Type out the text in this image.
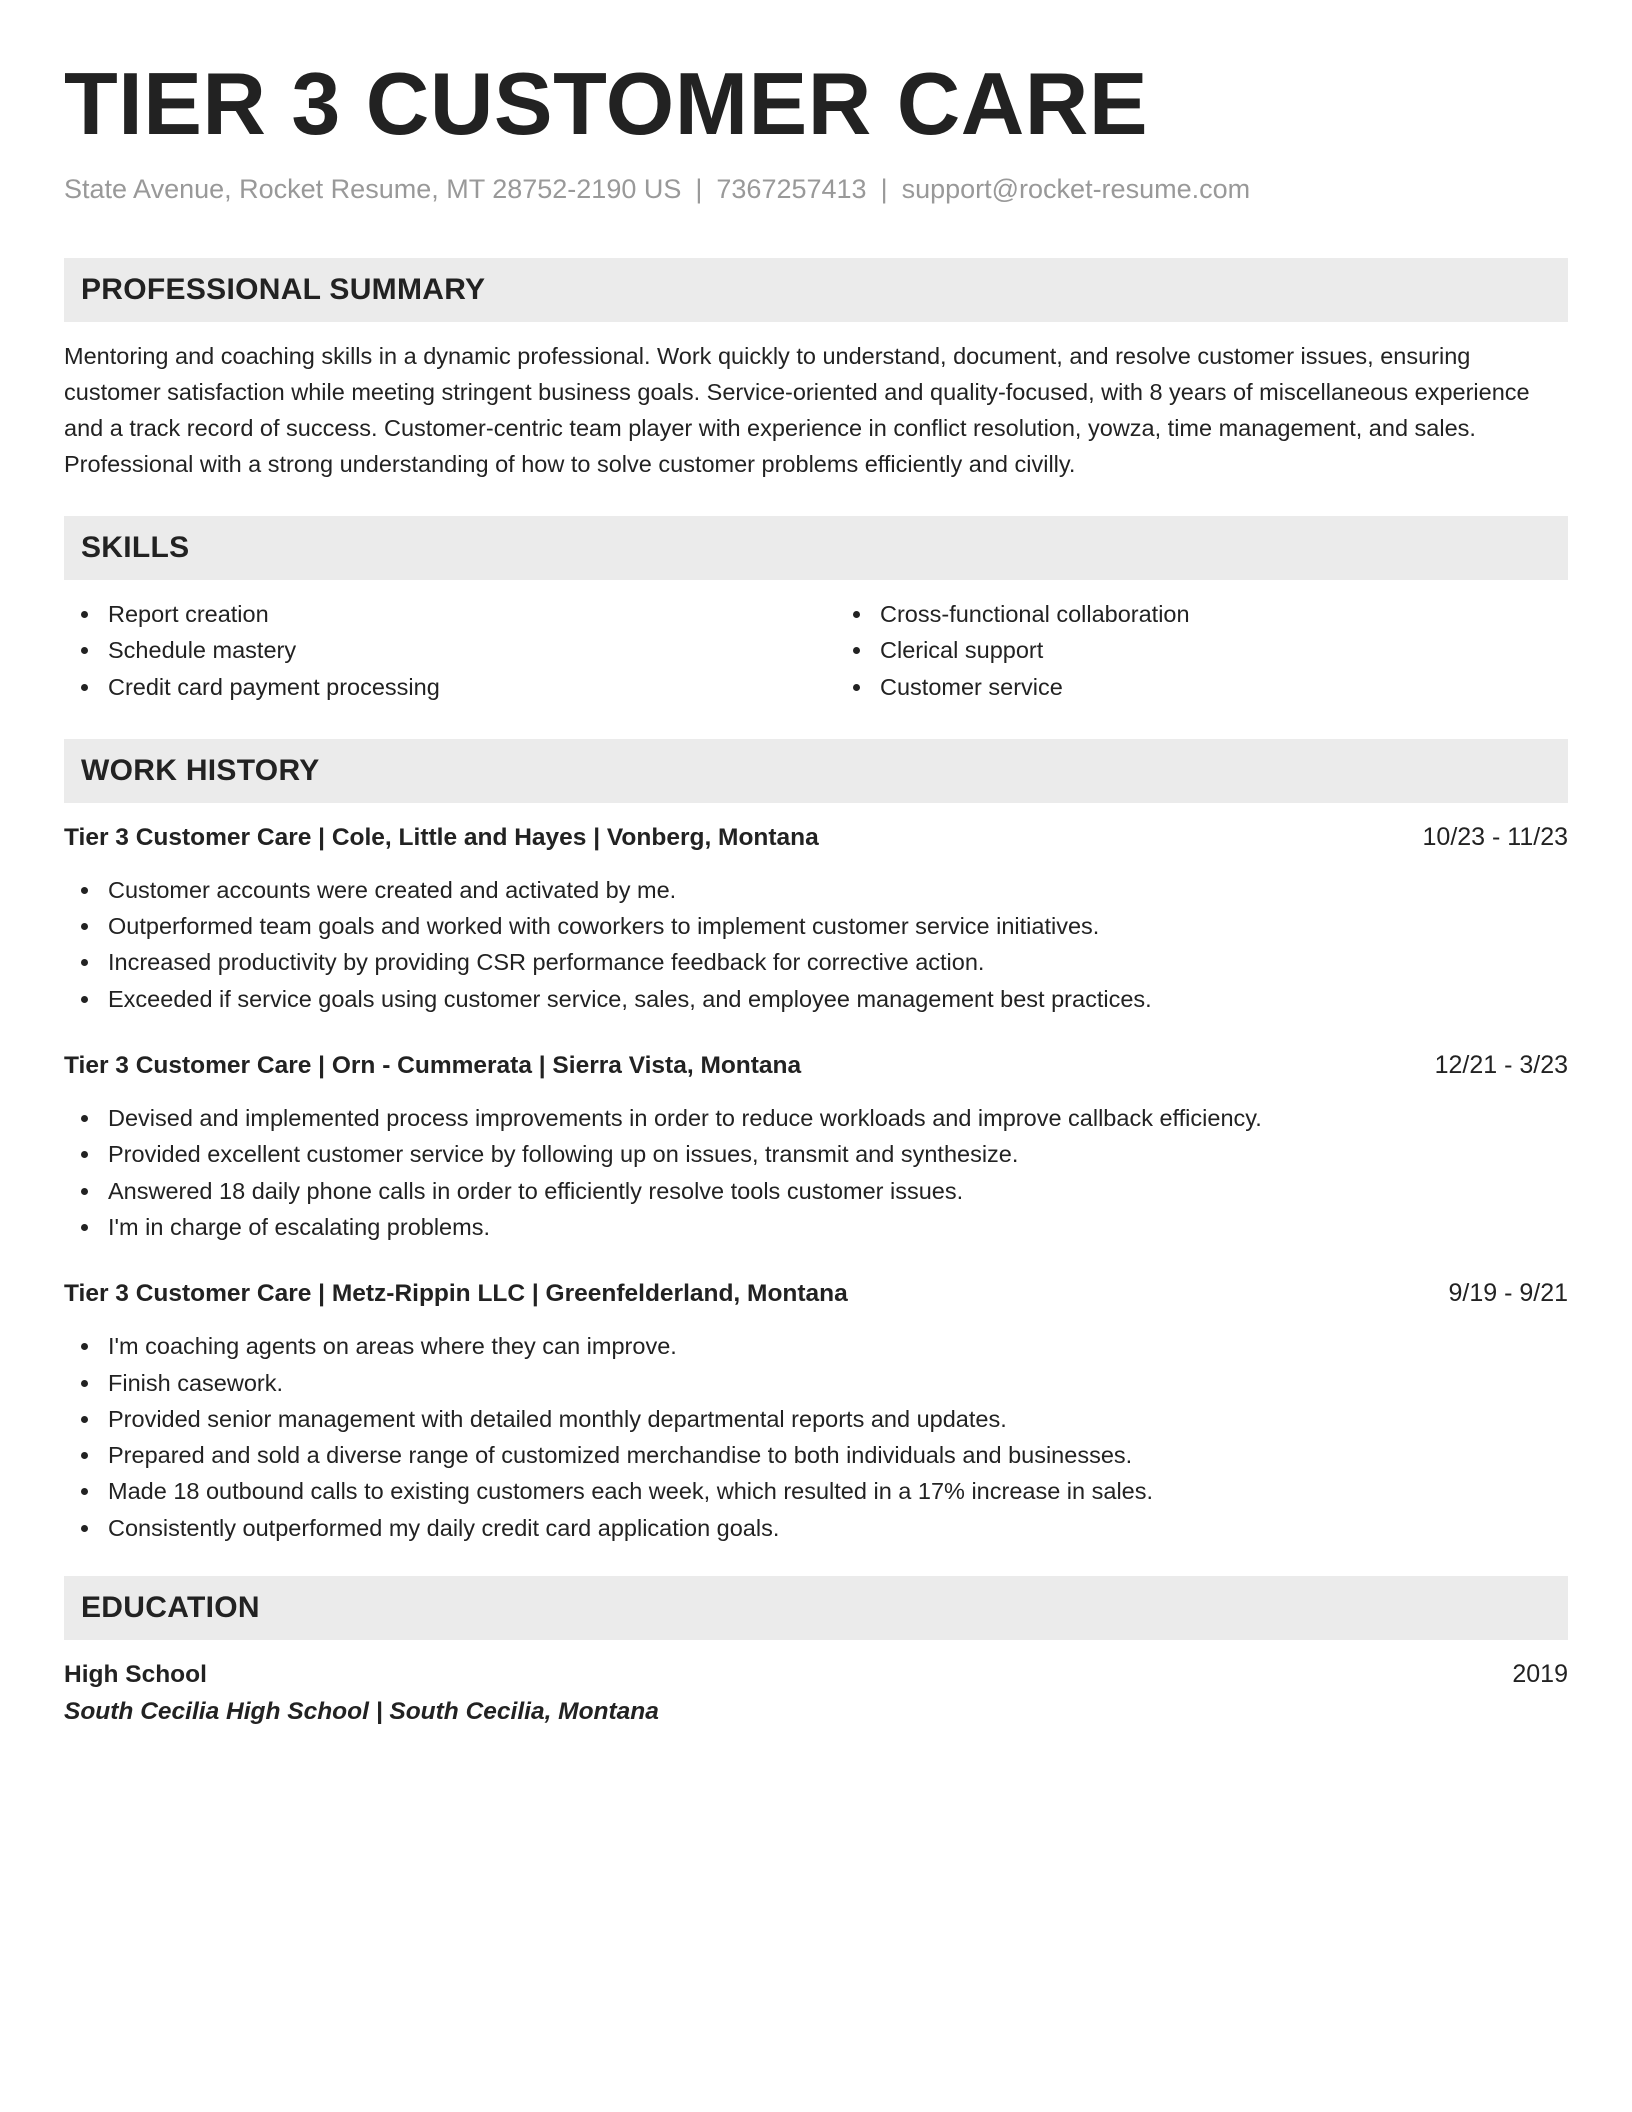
TIER 3 CUSTOMER CARE
State Avenue, Rocket Resume, MT 28752-2190 US | 7367257413 | support@rocket-resume.com
PROFESSIONAL SUMMARY

Mentoring and coaching skills in a dynamic professional. Work quickly to understand, document, and resolve customer issues, ensuring customer satisfaction while meeting stringent business goals. Service-oriented and quality-focused, with 8 years of miscellaneous experience and a track record of success. Customer-centric team player with experience in conflict resolution, yowza, time management, and sales. Professional with a strong understanding of how to solve customer problems efficiently and civilly.

SKILLS
Report creation
Schedule mastery
Credit card payment processing
Cross-functional collaboration
Clerical support
Customer service
WORK HISTORY
Tier 3 Customer Care | Cole, Little and Hayes | Vonberg, Montana	10/23 - 11/23
Customer accounts were created and activated by me.
Outperformed team goals and worked with coworkers to implement customer service initiatives.
Increased productivity by providing CSR performance feedback for corrective action.
Exceeded if service goals using customer service, sales, and employee management best practices.
Tier 3 Customer Care | Orn - Cummerata | Sierra Vista, Montana	12/21 - 3/23
Devised and implemented process improvements in order to reduce workloads and improve callback efficiency.
Provided excellent customer service by following up on issues, transmit and synthesize.
Answered 18 daily phone calls in order to efficiently resolve tools customer issues.
I'm in charge of escalating problems.
Tier 3 Customer Care | Metz-Rippin LLC | Greenfelderland, Montana	9/19 - 9/21
I'm coaching agents on areas where they can improve.
Finish casework.
Provided senior management with detailed monthly departmental reports and updates.
Prepared and sold a diverse range of customized merchandise to both individuals and businesses.
Made 18 outbound calls to existing customers each week, which resulted in a 17% increase in sales.
Consistently outperformed my daily credit card application goals.
EDUCATION
High School	2019
South Cecilia High School | South Cecilia, Montana
